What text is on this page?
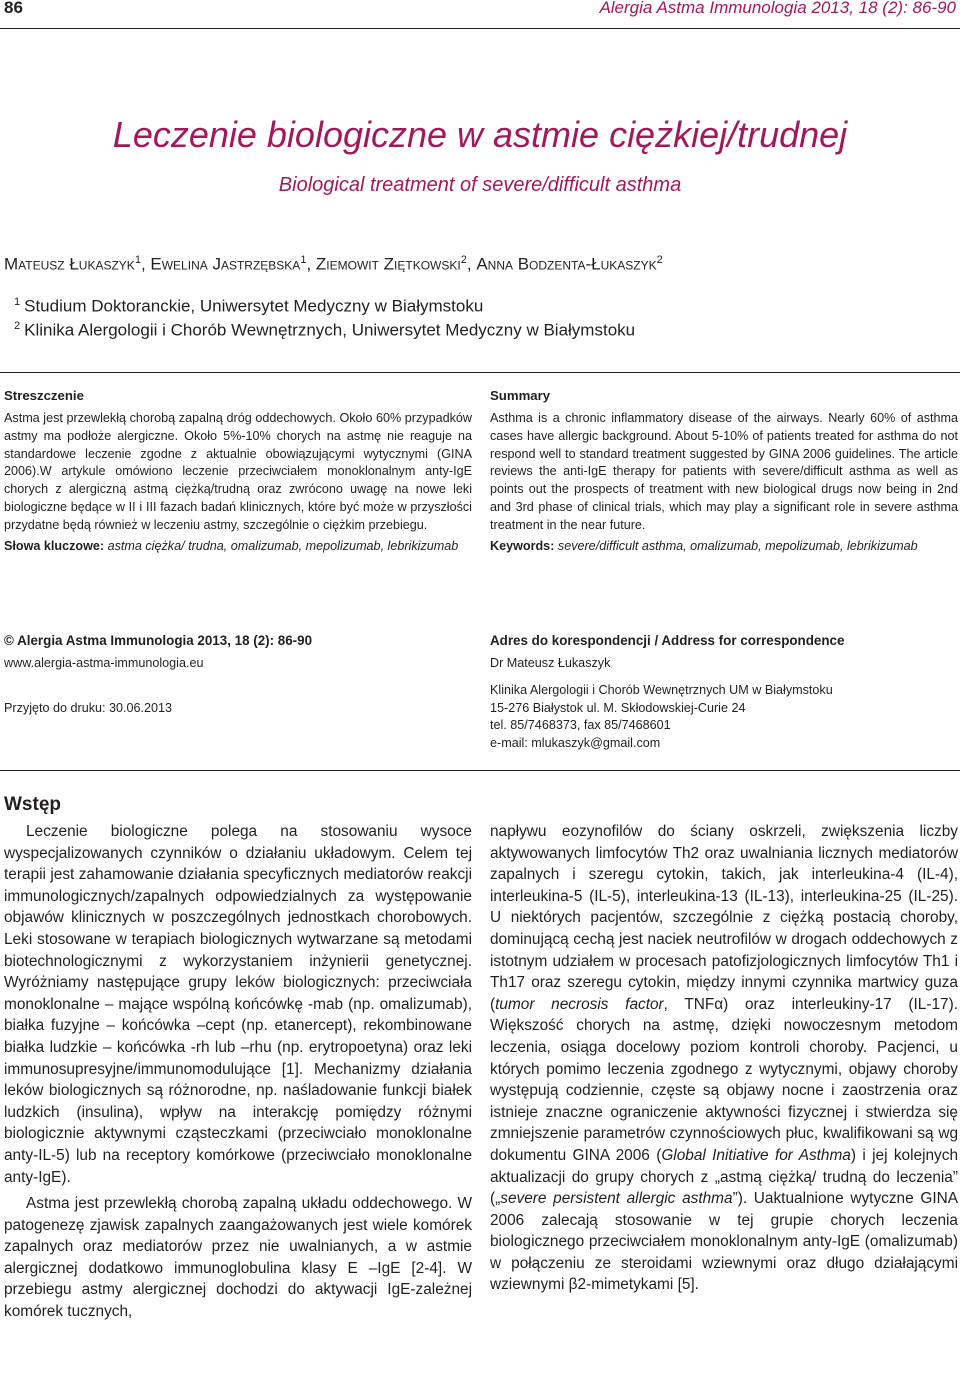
86	Alergia Astma Immunologia 2013, 18 (2): 86-90
Leczenie biologiczne w astmie ciężkiej/trudnej
Biological treatment of severe/difficult asthma
Mateusz Łukaszyk$^1$, Ewelina Jastrzębska$^1$, Ziemowit Ziętkowski$^2$, Anna Bodzenta-Łukaszyk$^2$
$^1$ Studium Doktoranckie, Uniwersytet Medyczny w Białymstoku
$^2$ Klinika Alergologii i Chorób Wewnętrznych, Uniwersytet Medyczny w Białymstoku
Streszczenie
Astma jest przewlekłą chorobą zapalną dróg oddechowych. Około 60% przypadków astmy ma podłoże alergiczne. Około 5%-10% chorych na astmę nie reaguje na standardowe leczenie zgodne z aktualnie obowiązującymi wytycznymi (GINA 2006).W artykule omówiono leczenie przeciwciałem monoklonalnym anty-IgE chorych z alergiczną astmą ciężką/trudną oraz zwrócono uwagę na nowe leki biologiczne będące w II i III fazach badań klinicznych, które być może w przyszłości przydatne będą również w leczeniu astmy, szczególnie o ciężkim przebiegu.
Słowa kluczowe: astma ciężka/ trudna, omalizumab, mepolizumab, lebrikizumab
Summary
Asthma is a chronic inflammatory disease of the airways. Nearly 60% of asthma cases have allergic background. About 5-10% of patients treated for asthma do not respond well to standard treatment suggested by GINA 2006 guidelines. The article reviews the anti-IgE therapy for patients with severe/difficult asthma as well as points out the prospects of treatment with new biological drugs now being in 2nd and 3rd phase of clinical trials, which may play a significant role in severe asthma treatment in the near future.
Keywords: severe/difficult asthma, omalizumab, mepolizumab, lebrikizumab
© Alergia Astma Immunologia 2013, 18 (2): 86-90
www.alergia-astma-immunologia.eu
Przyjęto do druku: 30.06.2013
Adres do korespondencji / Address for correspondence
Dr Mateusz Łukaszyk
Klinika Alergologii i Chorób Wewnętrznych UM w Białymstoku
15-276 Białystok ul. M. Skłodowskiej-Curie 24
tel. 85/7468373, fax 85/7468601
e-mail: mlukaszyk@gmail.com
Wstęp

Leczenie biologiczne polega na stosowaniu wysoce wyspecjalizowanych czynników o działaniu układowym. Celem tej terapii jest zahamowanie działania specyficznych mediatorów reakcji immunologicznych/zapalnych odpowiedzialnych za występowanie objawów klinicznych w poszczególnych jednostkach chorobowych. Leki stosowane w terapiach biologicznych wytwarzane są metodami biotechnologicznymi z wykorzystaniem inżynierii genetycznej. Wyróżniamy następujące grupy leków biologicznych: przeciwciała monoklonalne – mające wspólną końcówkę -mab (np. omalizumab), białka fuzyjne – końcówka –cept (np. etanercept), rekombinowane białka ludzkie – końcówka -rh lub –rhu (np. erytropoetyna) oraz leki immunosupresyjne/immunomodulujące [1]. Mechanizmy działania leków biologicznych są różnorodne, np. naśladowanie funkcji białek ludzkich (insulina), wpływ na interakcję pomiędzy różnymi biologicznie aktywnymi cząsteczkami (przeciwciało monoklonalne anty-IL-5) lub na receptory komórkowe (przeciwciało monoklonalne anty-IgE).

Astma jest przewlekłą chorobą zapalną układu oddechowego. W patogenezę zjawisk zapalnych zaangażowanych jest wiele komórek zapalnych oraz mediatorów przez nie uwalnianych, a w astmie alergicznej dodatkowo immunoglobulina klasy E –IgE [2-4]. W przebiegu astmy alergicznej dochodzi do aktywacji IgE-zależnej komórek tucznych,

napływu eozynofilów do ściany oskrzeli, zwiększenia liczby aktywowanych limfocytów Th2 oraz uwalniania licznych mediatorów zapalnych i szeregu cytokin, takich, jak interleukina-4 (IL-4), interleukina-5 (IL-5), interleukina-13 (IL-13), interleukina-25 (IL-25). U niektórych pacjentów, szczególnie z ciężką postacią choroby, dominującą cechą jest naciek neutrofilów w drogach oddechowych z istotnym udziałem w procesach patofizjologicznych limfocytów Th1 i Th17 oraz szeregu cytokin, między innymi czynnika martwicy guza (tumor necrosis factor, TNFα) oraz interleukiny-17 (IL-17). Większość chorych na astmę, dzięki nowoczesnym metodom leczenia, osiąga docelowy poziom kontroli choroby. Pacjenci, u których pomimo leczenia zgodnego z wytycznymi, objawy choroby występują codziennie, częste są objawy nocne i zaostrzenia oraz istnieje znaczne ograniczenie aktywności fizycznej i stwierdza się zmniejszenie parametrów czynnościowych płuc, kwalifikowani są wg dokumentu GINA 2006 (Global Initiative for Asthma) i jej kolejnych aktualizacji do grupy chorych z „astmą ciężką/ trudną do leczenia” („severe persistent allergic asthma”). Uaktualnione wytyczne GINA 2006 zalecają stosowanie w tej grupie chorych leczenia biologicznego przeciwciałem monoklonalnym anty-IgE (omalizumab) w połączeniu ze steroidami wziewnymi oraz długo działającymi wziewnymi β2-mimetykami [5].
